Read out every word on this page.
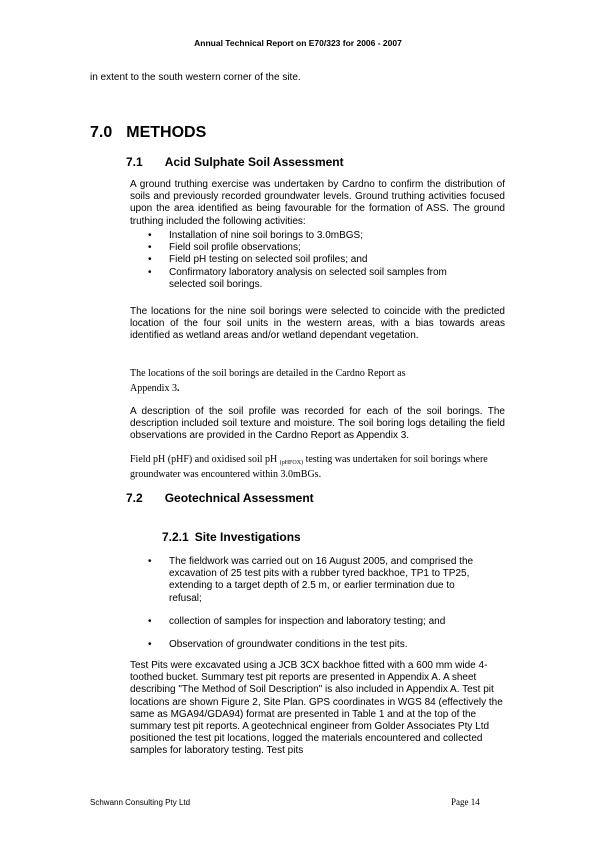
Annual Technical Report on E70/323 for 2006 - 2007
in extent to the south western corner of the site.
7.0 METHODS
7.1 Acid Sulphate Soil Assessment
A ground truthing exercise was undertaken by Cardno to confirm the distribution of soils and previously recorded groundwater levels. Ground truthing activities focused upon the area identified as being favourable for the formation of ASS. The ground truthing included the following activities:
• Installation of nine soil borings to 3.0mBGS;
• Field soil profile observations;
• Field pH testing on selected soil profiles; and
• Confirmatory laboratory analysis on selected soil samples from selected soil borings.
The locations for the nine soil borings were selected to coincide with the predicted location of the four soil units in the western areas, with a bias towards areas identified as wetland areas and/or wetland dependant vegetation.
The locations of the soil borings are detailed in the Cardno Report as
Appendix 3.
A description of the soil profile was recorded for each of the soil borings. The description included soil texture and moisture. The soil boring logs detailing the field observations are provided in the Cardno Report as Appendix 3.
Field pH (pHF) and oxidised soil pH $_{(pHFOX)}$ testing was undertaken for soil borings where groundwater was encountered within 3.0mBGs.
7.2 Geotechnical Assessment
7.2.1 Site Investigations
• The fieldwork was carried out on 16 August 2005, and comprised the excavation of 25 test pits with a rubber tyred backhoe, TP1 to TP25, extending to a target depth of 2.5 m, or earlier termination due to refusal;
• collection of samples for inspection and laboratory testing; and
• Observation of groundwater conditions in the test pits.
Test Pits were excavated using a JCB 3CX backhoe fitted with a 600 mm wide 4-toothed bucket. Summary test pit reports are presented in Appendix A. A sheet describing "The Method of Soil Description" is also included in Appendix A. Test pit locations are shown Figure 2, Site Plan. GPS coordinates in WGS 84 (effectively the same as MGA94/GDA94) format are presented in Table 1 and at the top of the summary test pit reports. A geotechnical engineer from Golder Associates Pty Ltd positioned the test pit locations, logged the materials encountered and collected samples for laboratory testing. Test pits
Schwann Consulting Pty Ltd	Page 14
